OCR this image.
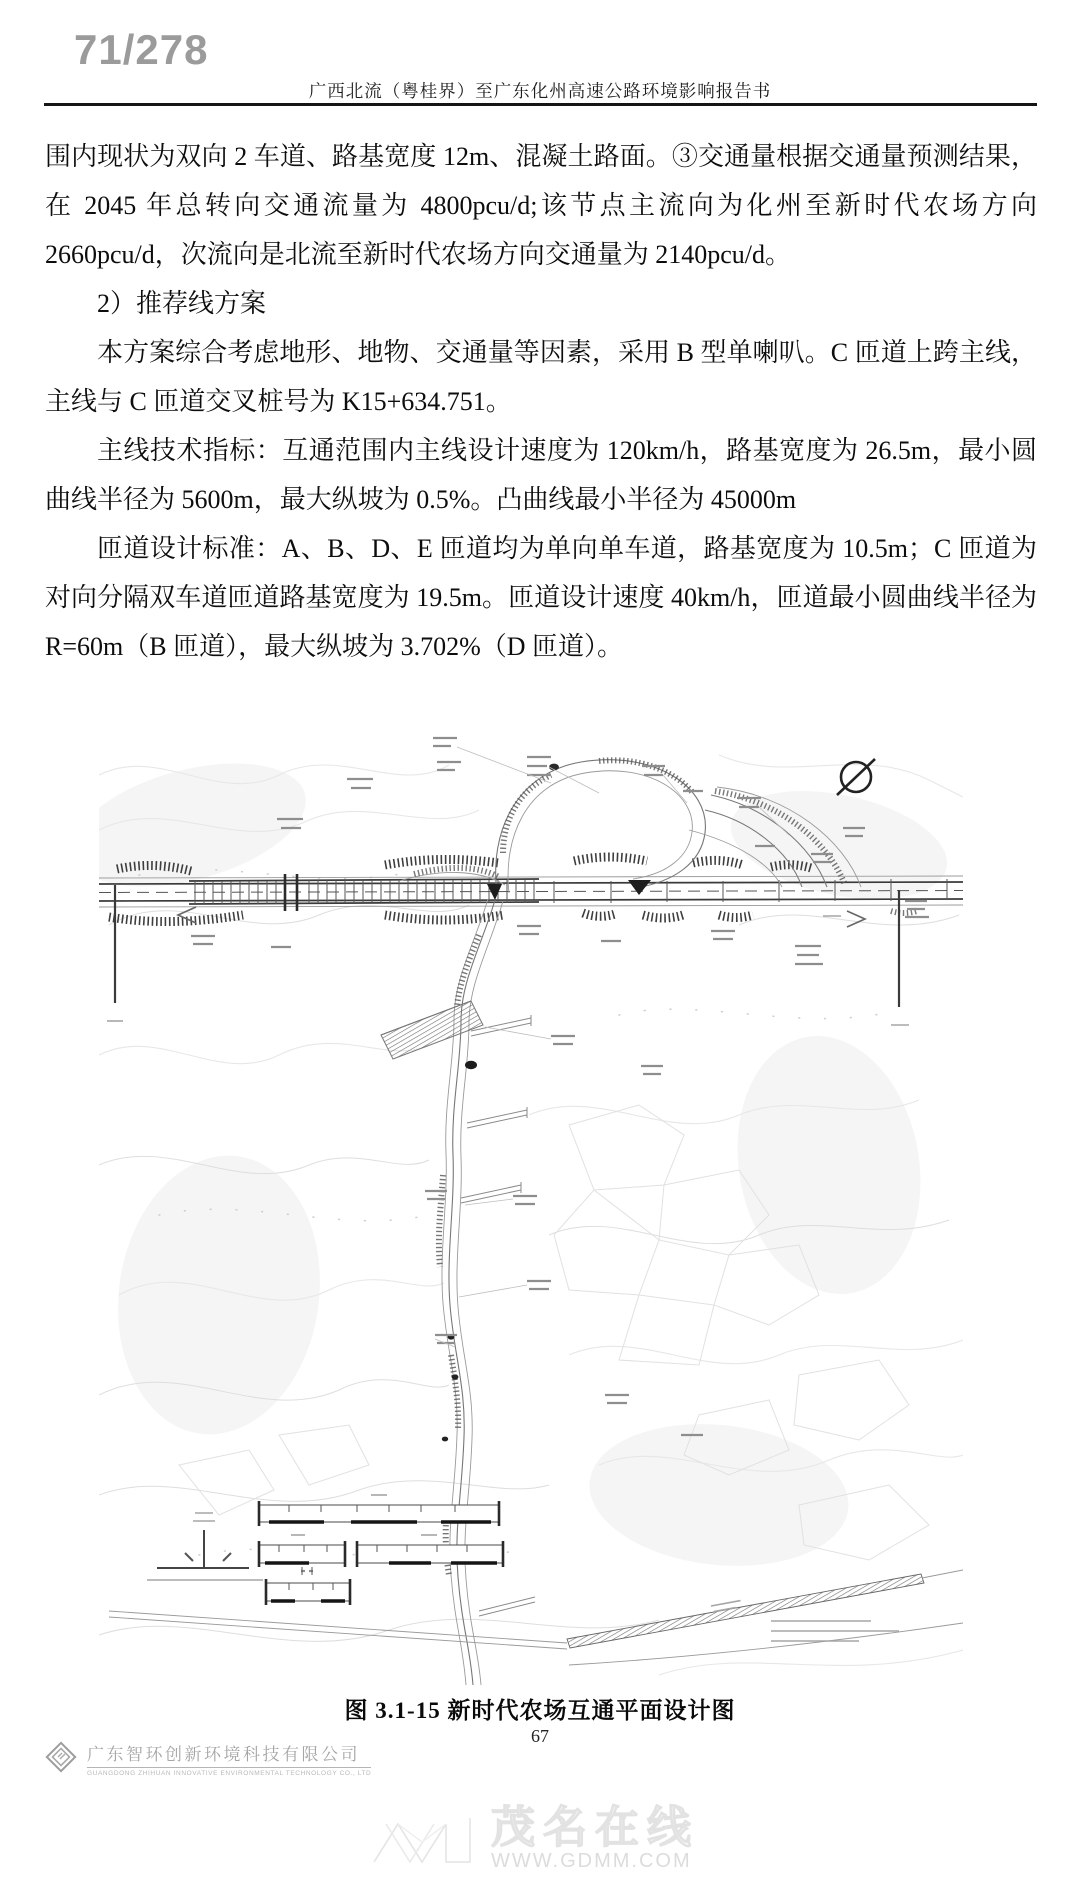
71/278
广西北流（粤桂界）至广东化州高速公路环境影响报告书

围内现状为双向 2 车道、路基宽度 12m、混凝土路面。③交通量根据交通量预测结果，在 2045 年总转向交通流量为 4800pcu/d;该节点主流向为化州至新时代农场方向 2660pcu/d，次流向是北流至新时代农场方向交通量为 2140pcu/d。

2）推荐线方案

本方案综合考虑地形、地物、交通量等因素，采用 B 型单喇叭。C 匝道上跨主线，主线与 C 匝道交叉桩号为 K15+634.751。

主线技术指标：互通范围内主线设计速度为 120km/h，路基宽度为 26.5m，最小圆曲线半径为 5600m，最大纵坡为 0.5%。凸曲线最小半径为 45000m

匝道设计标准：A、B、D、E 匝道均为单向单车道，路基宽度为 10.5m；C 匝道为对向分隔双车道匝道路基宽度为 19.5m。匝道设计速度 40km/h，匝道最小圆曲线半径为 R=60m（B 匝道），最大纵坡为 3.702%（D 匝道）。

图 3.1-15 新时代农场互通平面设计图
67
广东智环创新环境科技有限公司
GUANGDONG ZHIHUAN INNOVATIVE ENVIRONMENTAL TECHNOLOGY CO., LTD
茂名在线
WWW.GDMM.COM
